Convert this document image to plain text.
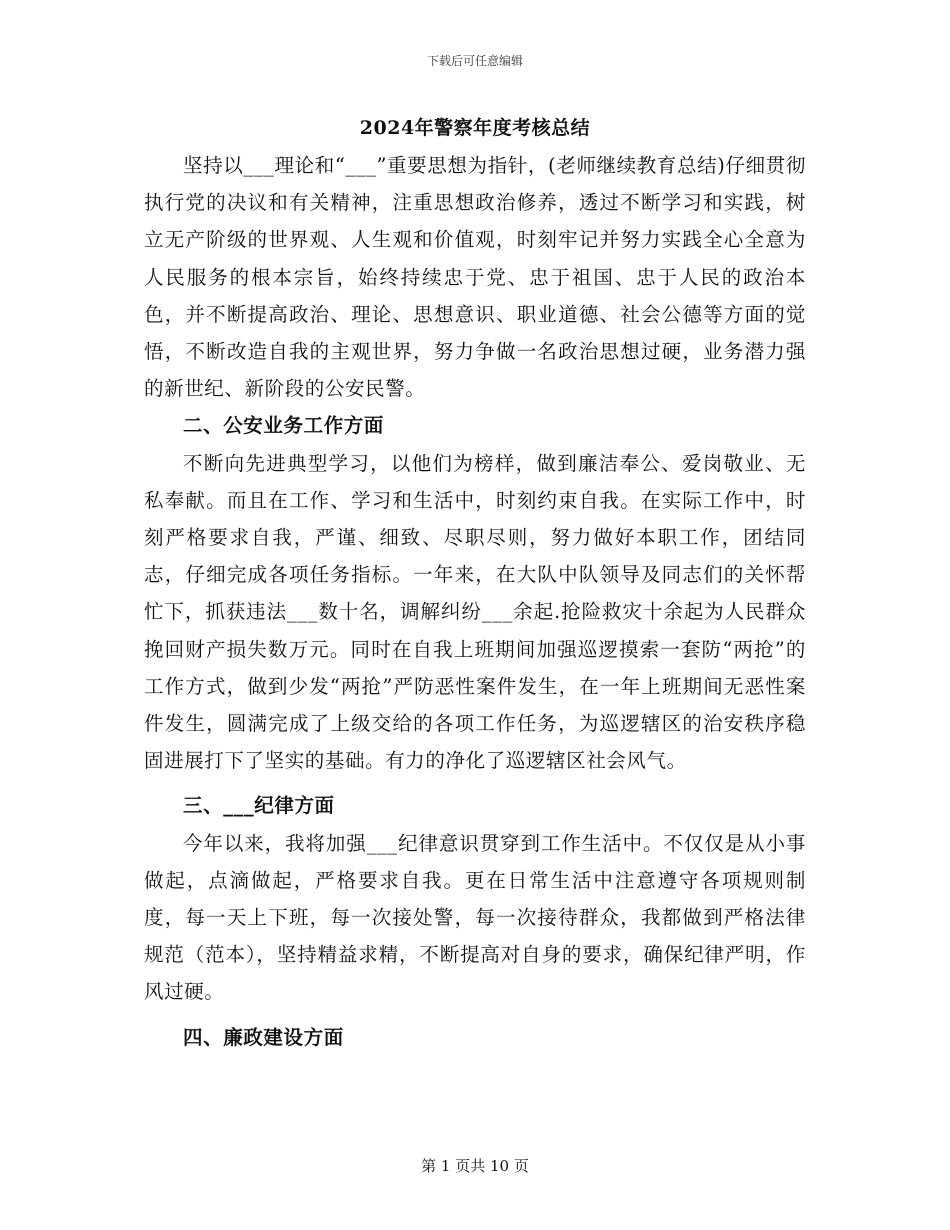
下载后可任意编辑
2024年警察年度考核总结

坚持以___理论和“___”重要思想为指针，(老师继续教育总结)仔细贯彻执行党的决议和有关精神，注重思想政治修养，透过不断学习和实践，树立无产阶级的世界观、人生观和价值观，时刻牢记并努力实践全心全意为人民服务的根本宗旨，始终持续忠于党、忠于祖国、忠于人民的政治本色，并不断提高政治、理论、思想意识、职业道德、社会公德等方面的觉悟，不断改造自我的主观世界，努力争做一名政治思想过硬，业务潜力强的新世纪、新阶段的公安民警。

二、公安业务工作方面

不断向先进典型学习，以他们为榜样，做到廉洁奉公、爱岗敬业、无私奉献。而且在工作、学习和生活中，时刻约束自我。在实际工作中，时刻严格要求自我，严谨、细致、尽职尽则，努力做好本职工作，团结同志，仔细完成各项任务指标。一年来，在大队中队领导及同志们的关怀帮忙下，抓获违法___数十名，调解纠纷___余起.抢险救灾十余起为人民群众挽回财产损失数万元。同时在自我上班期间加强巡逻摸索一套防“两抢”的工作方式，做到少发“两抢”严防恶性案件发生，在一年上班期间无恶性案件发生，圆满完成了上级交给的各项工作任务，为巡逻辖区的治安秩序稳固进展打下了坚实的基础。有力的净化了巡逻辖区社会风气。

三、___纪律方面

今年以来，我将加强___纪律意识贯穿到工作生活中。不仅仅是从小事做起，点滴做起，严格要求自我。更在日常生活中注意遵守各项规则制度，每一天上下班，每一次接处警，每一次接待群众，我都做到严格法律规范（范本），坚持精益求精，不断提高对自身的要求，确保纪律严明，作风过硬。

四、廉政建设方面

第 1 页共 10 页
